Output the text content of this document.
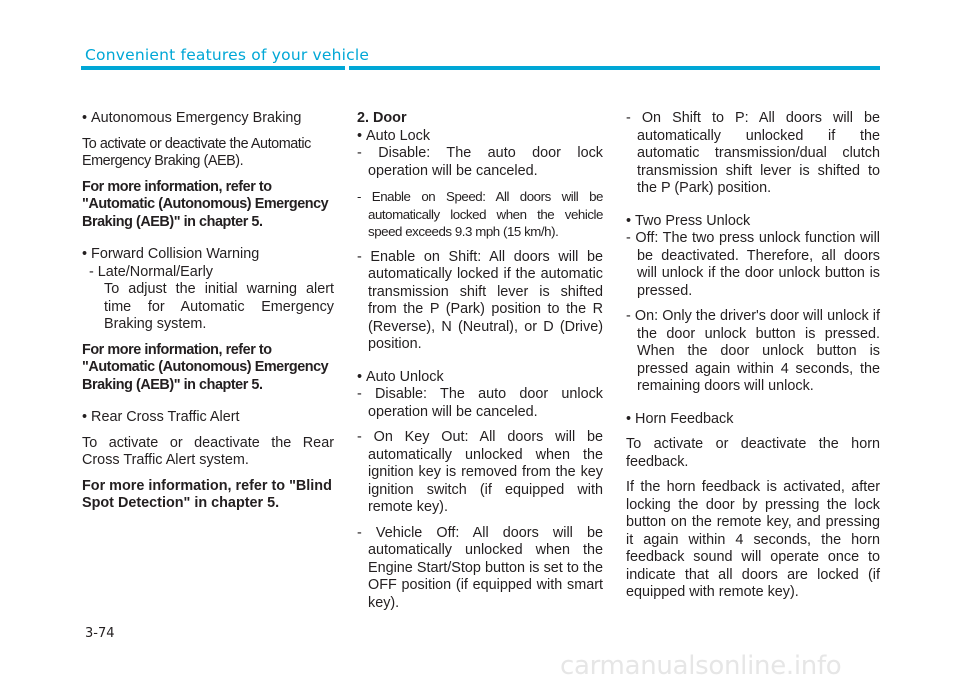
Convenient features of your vehicle

• Autonomous Emergency Braking

To activate or deactivate the Automatic Emergency Braking (AEB).

For more information, refer to "Automatic (Autonomous) Emergency Braking (AEB)" in chapter 5.

• Forward Collision Warning

- Late/Normal/Early

To adjust the initial warning alert time for Automatic Emergency Braking system.

For more information, refer to "Automatic (Autonomous) Emergency Braking (AEB)" in chapter 5.

• Rear Cross Traffic Alert

To activate or deactivate the Rear Cross Traffic Alert system.

For more information, refer to "Blind Spot Detection" in chapter 5.

2. Door

• Auto Lock

- Disable: The auto door lock operation will be canceled.

- Enable on Speed: All doors will be automatically locked when the vehicle speed exceeds 9.3 mph (15 km/h).

- Enable on Shift: All doors will be automatically locked if the automatic transmission shift lever is shifted from the P (Park) position to the R (Reverse), N (Neutral), or D (Drive) position.

• Auto Unlock

- Disable: The auto door unlock operation will be canceled.

- On Key Out: All doors will be automatically unlocked when the ignition key is removed from the key ignition switch (if equipped with remote key).

- Vehicle Off: All doors will be automatically unlocked when the Engine Start/Stop button is set to the OFF position (if equipped with smart key).

- On Shift to P: All doors will be automatically unlocked if the automatic transmission/dual clutch transmission shift lever is shifted to the P (Park) position.

• Two Press Unlock

- Off: The two press unlock function will be deactivated. Therefore, all doors will unlock if the door unlock button is pressed.

- On: Only the driver's door will unlock if the door unlock button is pressed. When the door unlock button is pressed again within 4 seconds, the remaining doors will unlock.

• Horn Feedback

To activate or deactivate the horn feedback.

If the horn feedback is activated, after locking the door by pressing the lock button on the remote key, and pressing it again within 4 seconds, the horn feedback sound will operate once to indicate that all doors are locked (if equipped with remote key).

3-74
carmanualsonline.info
